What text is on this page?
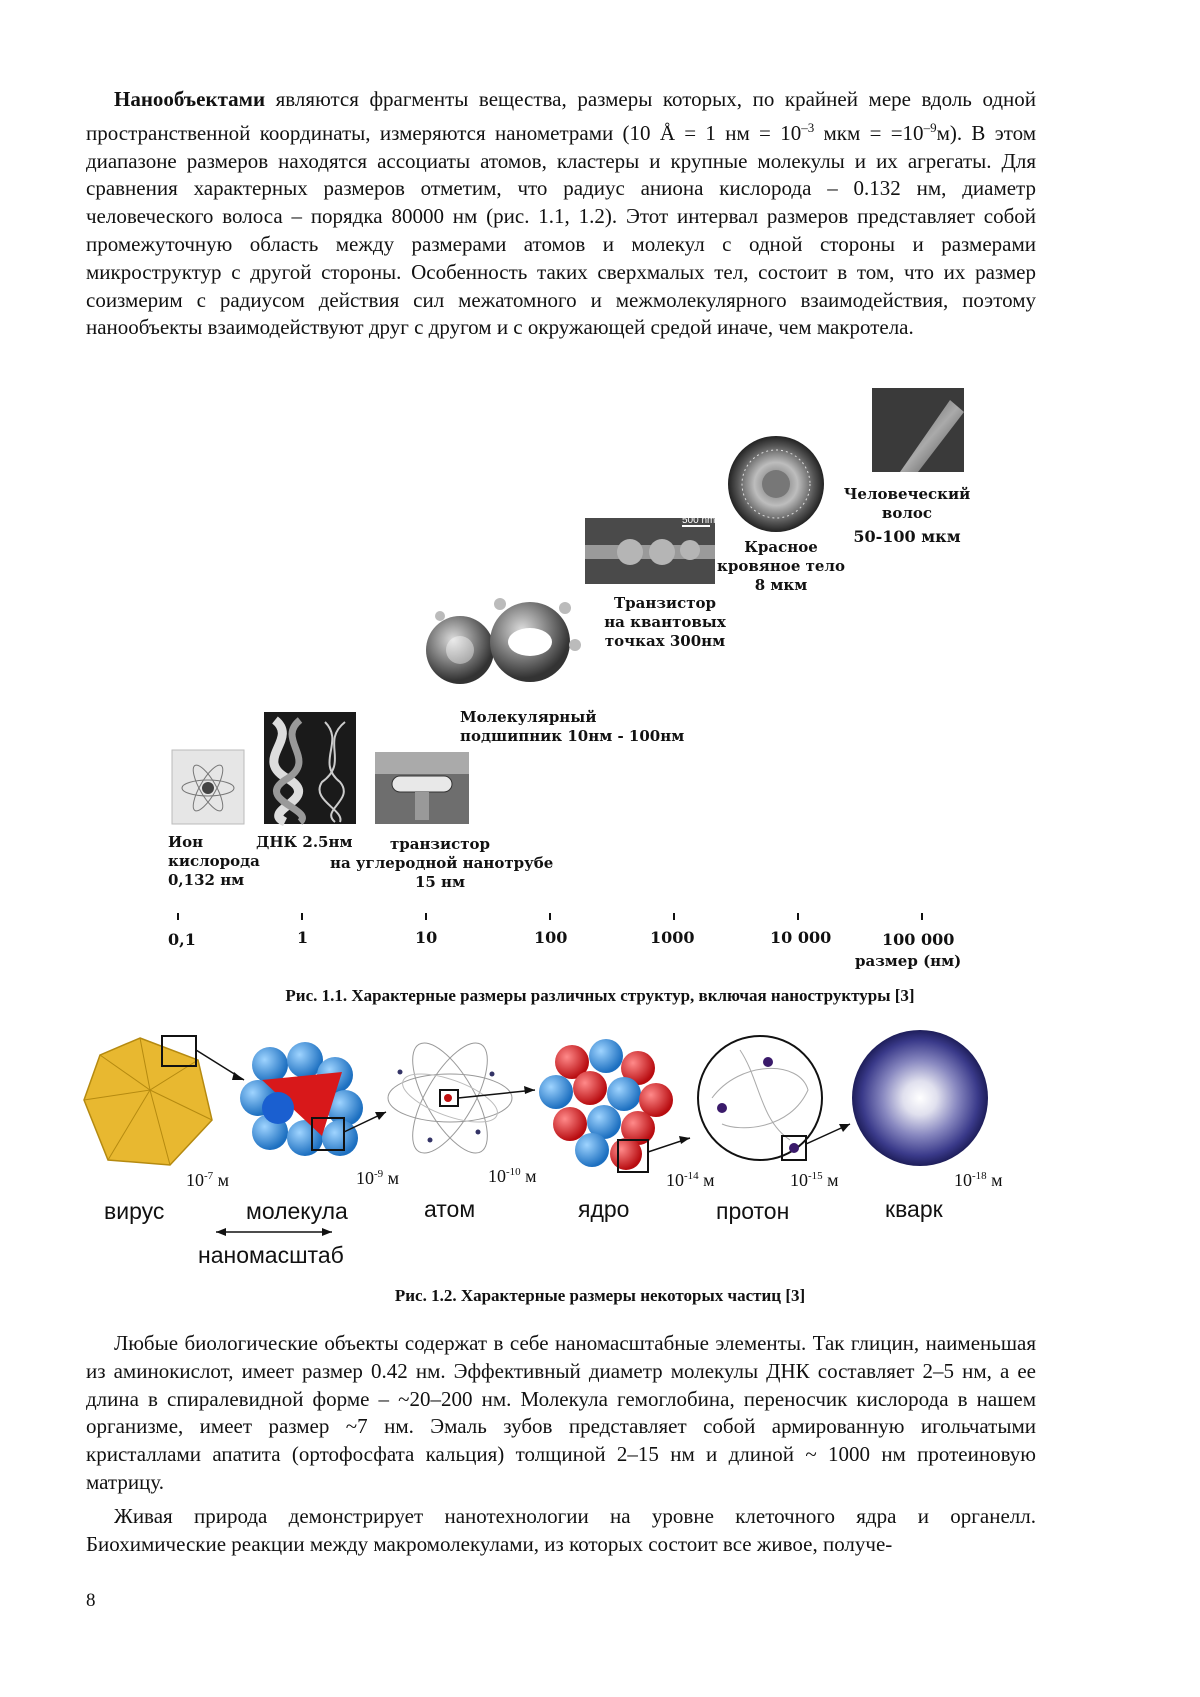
Нанообъектами являются фрагменты вещества, размеры которых, по крайней мере вдоль одной пространственной координаты, измеряются нанометрами (10 Å = 1 нм = $10^{-3}$ мкм = $=10^{-9}м$). В этом диапазоне размеров находятся ассоциаты атомов, кластеры и крупные молекулы и их агрегаты. Для сравнения характерных размеров отметим, что радиус аниона кислорода – 0.132 нм, диаметр человеческого волоса – порядка 80000 нм (рис. 1.1, 1.2). Этот интервал размеров представляет собой промежуточную область между размерами атомов и молекул с одной стороны и размерами микроструктур с другой стороны. Особенность таких сверхмалых тел, состоит в том, что их размер соизмерим с радиусом действия сил межатомного и межмолекулярного взаимодействия, поэтому нанообъекты взаимодействуют друг с другом и с окружающей средой иначе, чем макротела.
500 nm
Ион
кислорода
0,132 нм
ДНК 2.5нм	транзистор
на углеродной нанотрубе
15 нм
Молекулярный
подшипник 10нм - 100нм
Транзистор
на квантовых
точках 300нм
Красное
кровяное тело
8 мкм
Человеческий
волос
50-100 мкм
0,1	1	10	100	1000	10 000	100 000
размер (нм)
Рис. 1.1. Характерные размеры различных структур, включая наноструктуры [3]
$10^{-7}$ м	$10^{-9}$ м	$10^{-10}$ м	$10^{-14}$ м	$10^{-15}$ м	$10^{-18}$ м
вирус	молекула	атом	ядро	протон	кварк
наномасштаб
Рис. 1.2. Характерные размеры некоторых частиц [3]
Любые биологические объекты содержат в себе наномасштабные элементы. Так глицин, наименьшая из аминокислот, имеет размер 0.42 нм. Эффективный диаметр молекулы ДНК составляет 2–5 нм, а ее длина в спиралевидной форме – ~20–200 нм. Молекула гемоглобина, переносчик кислорода в нашем организме, имеет размер ~7 нм. Эмаль зубов представляет собой армированную игольчатыми кристаллами апатита (ортофосфата кальция) толщиной 2–15 нм и длиной ~ 1000 нм протеиновую матрицу.
Живая природа демонстрирует нанотехнологии на уровне клеточного ядра и органелл. Биохимические реакции между макромолекулами, из которых состоит все живое, получе-
8
